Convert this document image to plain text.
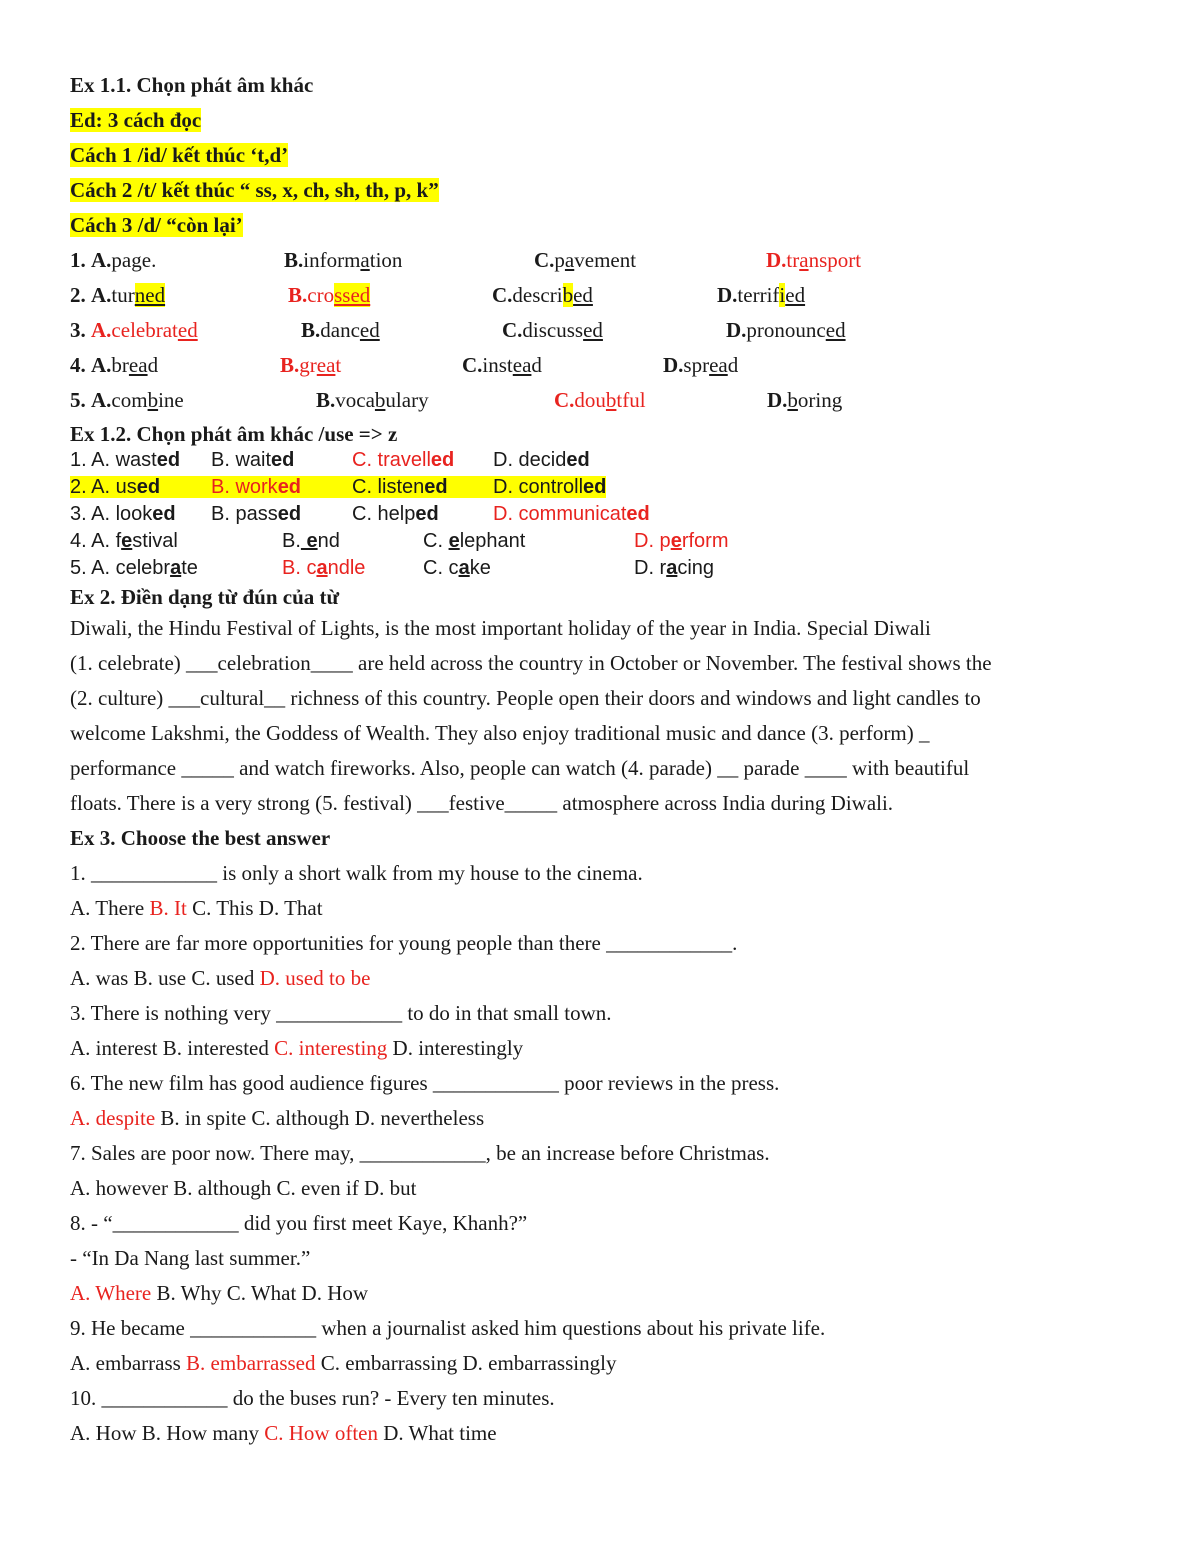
Ex 1.1. Chọn phát âm khác
Ed: 3 cách đọc
Cách 1 /id/ kết thúc ‘t,d’
Cách 2 /t/ kết thúc “ ss, x, ch, sh, th, p, k”
Cách 3 /d/ “còn lại’
1. A.page.	B.information	C.pavement	D.transport
2. A.turned	B.crossed	C.described	D.terrified
3. A.celebrated	B.danced	C.discussed	D.pronounced
4. A.bread	B.great	C.instead	D.spread
5. A.combine	B.vocabulary	C.doubtful	D.boring
Ex 1.2. Chọn phát âm khác /use => z
1. A. wasted B. waited	C. travelled D. decided
2. A. used	B. worked	C. listened D. controlled
3. A. looked B. passed	C. helped	D. communicated
4. A. festival	B. end	C. elephant	D. perform
5. A. celebrate	B. candle	C. cake	D. racing
Ex 2. Điền dạng từ đún của từ
Diwali, the Hindu Festival of Lights, is the most important holiday of the year in India. Special Diwali
(1. celebrate) ___celebration____ are held across the country in October or November. The festival shows the
(2. culture) ___cultural__ richness of this country. People open their doors and windows and light candles to
welcome Lakshmi, the Goddess of Wealth. They also enjoy traditional music and dance (3. perform) _
performance _____ and watch fireworks. Also, people can watch (4. parade) __ parade ____ with beautiful
floats. There is a very strong (5. festival) ___festive_____ atmosphere across India during Diwali.
Ex 3. Choose the best answer
1. ____________ is only a short walk from my house to the cinema.
A. There B. It C. This D. That
2. There are far more opportunities for young people than there ____________.
A. was B. use C. used D. used to be
3. There is nothing very ____________ to do in that small town.
A. interest B. interested C. interesting D. interestingly
6. The new film has good audience figures ____________ poor reviews in the press.
A. despite B. in spite C. although D. nevertheless
7. Sales are poor now. There may, ____________, be an increase before Christmas.
A. however B. although C. even if D. but
8. - “____________ did you first meet Kaye, Khanh?”
- “In Da Nang last summer.”
A. Where B. Why C. What D. How
9. He became ____________ when a journalist asked him questions about his private life.
A. embarrass B. embarrassed C. embarrassing D. embarrassingly
10. ____________ do the buses run? - Every ten minutes.
A. How B. How many C. How often D. What time
